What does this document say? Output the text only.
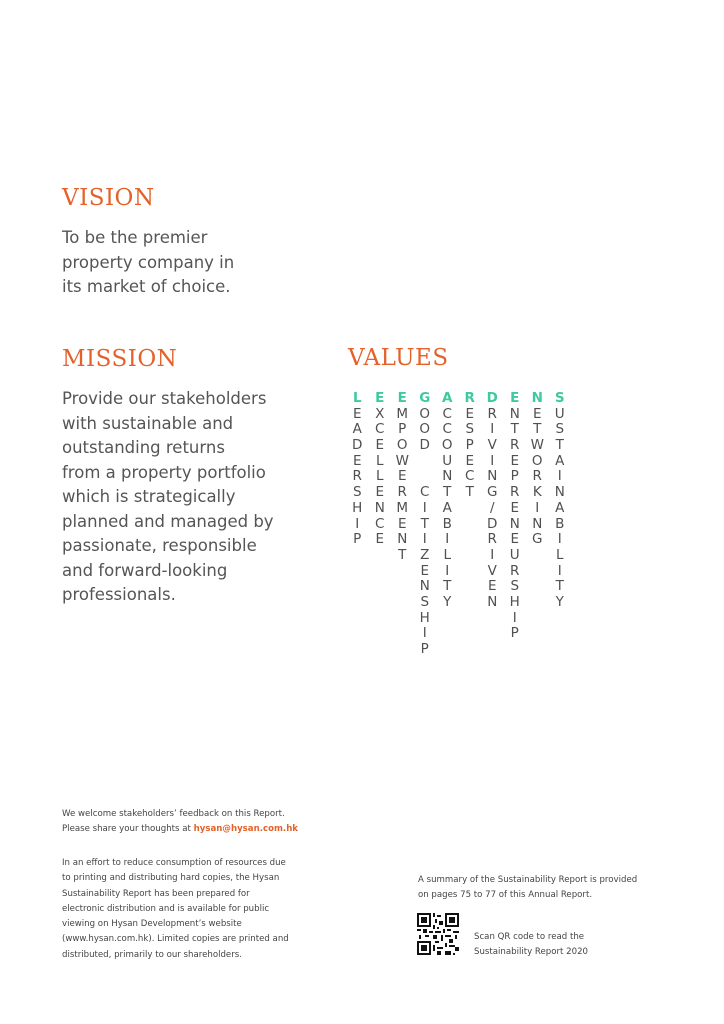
VISION

To be the premier
property company in
its market of choice.

MISSION

Provide our stakeholders
with sustainable and
outstanding returns
from a property portfolio
which is strategically
planned and managed by
passionate, responsible
and forward-looking
professionals.

VALUES
L
E
A
D
E
R
S
H
I
P
E
X
C
E
L
L
E
N
C
E
E
M
P
O
W
E
R
M
E
N
T
G
O
O
D

C
I
T
I
Z
E
N
S
H
I
P
A
C
C
O
U
N
T
A
B
I
L
I
T
Y
R
E
S
P
E
C
T
D
R
I
V
I
N
G
/
D
R
I
V
E
N
E
N
T
R
E
P
R
E
N
E
U
R
S
H
I
P
N
E
T
W
O
R
K
I
N
G
S
U
S
T
A
I
N
A
B
I
L
I
T
Y

We welcome stakeholders’ feedback on this Report.
Please share your thoughts at hysan@hysan.com.hk

In an effort to reduce consumption of resources due
to printing and distributing hard copies, the Hysan
Sustainability Report has been prepared for
electronic distribution and is available for public
viewing on Hysan Development’s website
(www.hysan.com.hk). Limited copies are printed and
distributed, primarily to our shareholders.

A summary of the Sustainability Report is provided
on pages 75 to 77 of this Annual Report.

Scan QR code to read the
Sustainability Report 2020
